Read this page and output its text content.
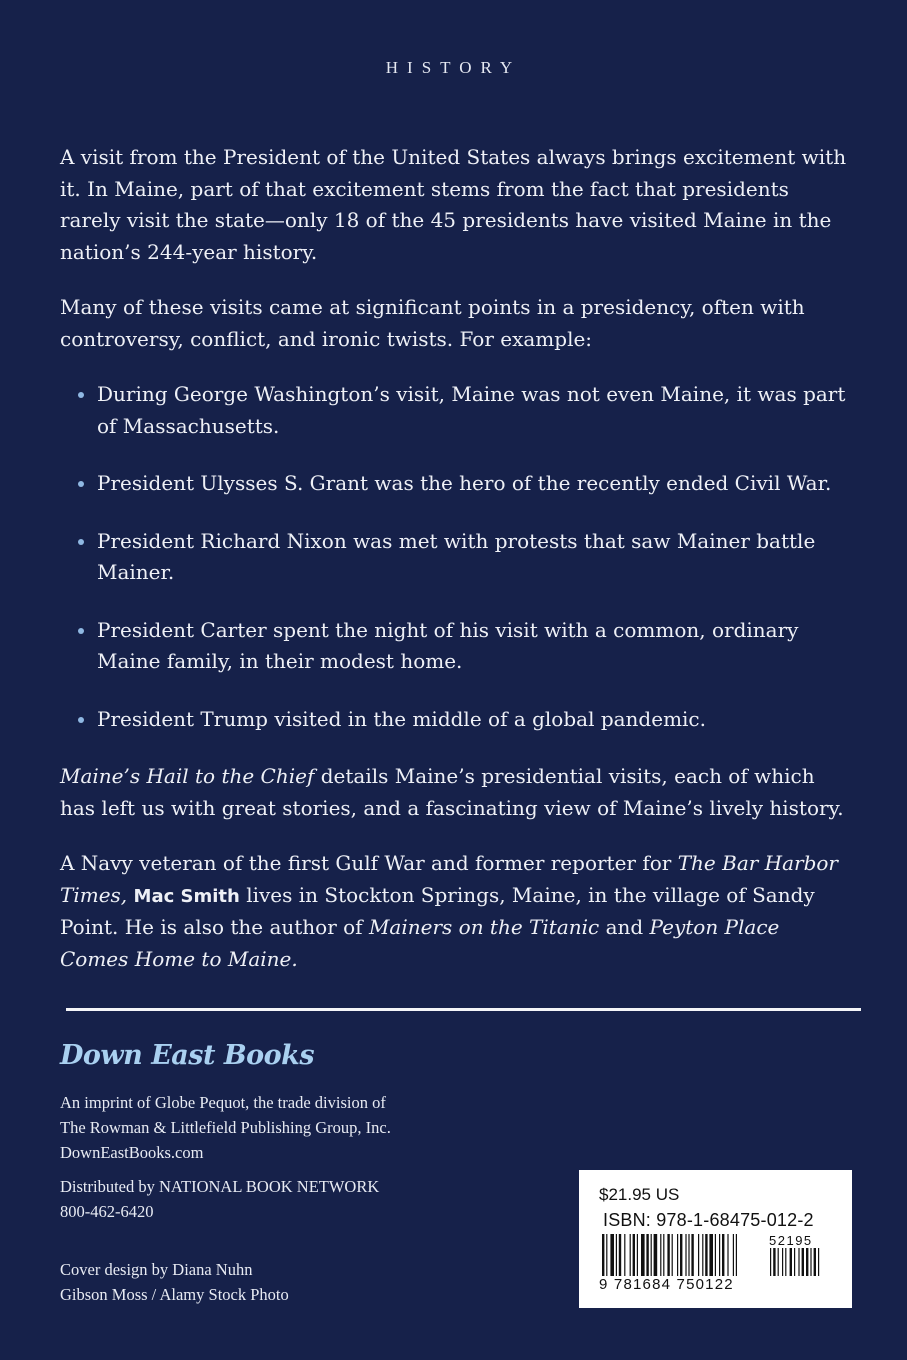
HISTORY

A visit from the President of the United States always brings excitement with it. In Maine, part of that excitement stems from the fact that presidents rarely visit the state—only 18 of the 45 presidents have visited Maine in the nation’s 244-year history.

Many of these visits came at significant points in a presidency, often with controversy, conflict, and ironic twists. For example:

During George Washington’s visit, Maine was not even Maine, it was part of Massachusetts.
President Ulysses S. Grant was the hero of the recently ended Civil War.
President Richard Nixon was met with protests that saw Mainer battle Mainer.
President Carter spent the night of his visit with a common, ordinary Maine family, in their modest home.
President Trump visited in the middle of a global pandemic.

Maine’s Hail to the Chief details Maine’s presidential visits, each of which has left us with great stories, and a fascinating view of Maine’s lively history.

A Navy veteran of the first Gulf War and former reporter for The Bar Harbor Times, Mac Smith lives in Stockton Springs, Maine, in the village of Sandy Point. He is also the author of Mainers on the Titanic and Peyton Place Comes Home to Maine.

Down East Books
An imprint of Globe Pequot, the trade division of
The Rowman & Littlefield Publishing Group, Inc.
DownEastBooks.com
Distributed by NATIONAL BOOK NETWORK
800-462-6420
Cover design by Diana Nuhn
Gibson Moss / Alamy Stock Photo
$21.95 US
ISBN: 978-1-68475-012-2
52195
9 781684 750122
